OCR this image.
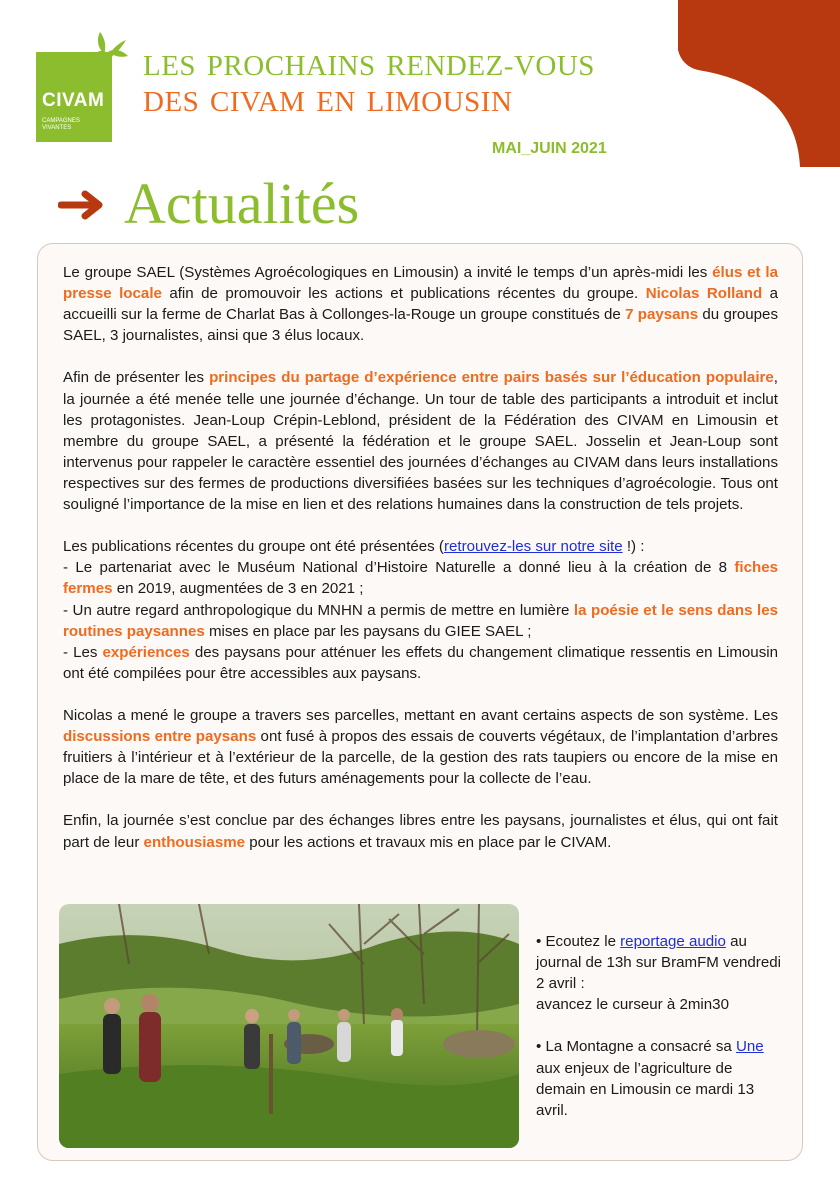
CIVAM
CAMPAGNES
VIVANTES
LES PROCHAINS RENDEZ-VOUS
DES CIVAM EN LIMOUSIN
MAI_JUIN 2021
Actualités

Le groupe SAEL (Systèmes Agroécologiques en Limousin) a invité le temps d’un après-midi les élus et la presse locale afin de promouvoir les actions et publications récentes du groupe. Nicolas Rolland a accueilli sur la ferme de Charlat Bas à Collonges-la-Rouge un groupe constitués de 7 paysans du groupes SAEL, 3 journalistes, ainsi que 3 élus locaux.

Afin de présenter les principes du partage d’expérience entre pairs basés sur l’éducation populaire, la journée a été menée telle une journée d’échange. Un tour de table des participants a introduit et inclut les protagonistes. Jean-Loup Crépin-Leblond, président de la Fédération des CIVAM en Limousin et membre du groupe SAEL, a présenté la fédération et le groupe SAEL. Josselin et Jean-Loup sont intervenus pour rappeler le caractère essentiel des journées d’échanges au CIVAM dans leurs installations respectives sur des fermes de productions diversifiées basées sur les techniques d’agroécologie. Tous ont souligné l’importance de la mise en lien et des relations humaines dans la construction de tels projets.

Les publications récentes du groupe ont été présentées (retrouvez-les sur notre site !) :
- Le partenariat avec le Muséum National d’Histoire Naturelle a donné lieu à la création de 8 fiches fermes en 2019, augmentées de 3 en 2021 ;
- Un autre regard anthropologique du MNHN a permis de mettre en lumière la poésie et le sens dans les routines paysannes mises en place par les paysans du GIEE SAEL ;
- Les expériences des paysans pour atténuer les effets du changement climatique ressentis en Limousin ont été compilées pour être accessibles aux paysans.

Nicolas a mené le groupe a travers ses parcelles, mettant en avant certains aspects de son système. Les discussions entre paysans ont fusé à propos des essais de couverts végétaux, de l’implantation d’arbres fruitiers à l’intérieur et à l’extérieur de la parcelle, de la gestion des rats taupiers ou encore de la mise en place de la mare de tête, et des futurs aménagements pour la collecte de l’eau.

Enfin, la journée s’est conclue par des échanges libres entre les paysans, journalistes et élus, qui ont fait part de leur enthousiasme pour les actions et travaux mis en place par le CIVAM.

• Ecoutez le reportage audio au journal de 13h sur BramFM vendredi 2 avril :
avancez le curseur à 2min30

• La Montagne a consacré sa Une aux enjeux de l’agriculture de demain en Limousin ce mardi 13 avril.
